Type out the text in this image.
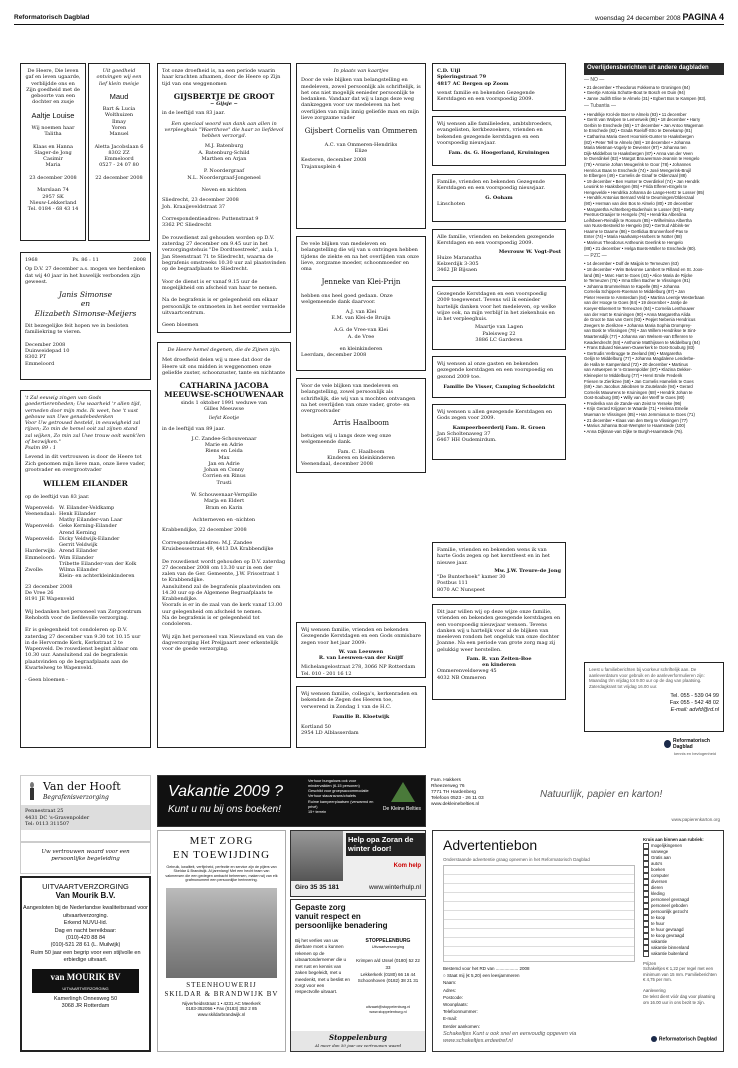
Reformatorisch Dagblad	woensdag 24 december 2008 PAGINA 4
De Heere, Die leven
gaf en leven ugaarde,
verblijdde ons en
Zijn goedheid met de
geboorte van een
dochter en zusje
Aaltje Louise
Wij noemen haar
Talitha

Klaas en Hanna
Slager-de Jong
Casimir
Maria

23 december 2008

Marslaan 74
2957 SK
Nieuw-Lekkerland
Tel. 0184 - 68 43 14
Uit goedheid ontvingen wij een lief klein meisje
Maud
Bart & Lucia
Wolthuizen
Ilmay
Yoren
Manuel

Aletta Jacobslaan 6
8302 ZZ Emmeloord
0527 - 24 07 80

22 december 2008
1968	Ps. 86 : 11	2008
Op D.V. 27 december a.s. mogen we herdenken dat wij 40 jaar in het huwelijk verbonden zijn geweest.
Janis Simonse
en
Elizabeth Simonse-Meijers
Dit bezegelijke feit hopen we in besloten familiekring te vieren.

December 2008
Duinweidepad 10
8302 PT
Emmeloord
't Zal eeuwig zingen van Gods goedertierenheden; Uw waarheid 'r allen tijd, verneden door mijn mds. Ik weet, hoe 't vast gebouw van Uwe genadebedenken
Voor Uw getrouwd besteld, in eeuwigheid zal rijzen; Zo min de hemel ooit zal zijnen stand zal wijken, Zo min zal Uwe trouw ooit wank'len of bezwijken."
Psalm 89 : 1
Levend in dit vertrouwen is door de Heere tot Zich genomen mijn lieve man, onze lieve vader, grootvader en overgrootvader
WILLEM EILANDER
op de leeftijd van 83 jaar.
Wapenveld: W. Eilander-Veldkamp
Veenendaal: Henk Eilander
Mathy Eilander-van Laar
Wapenveld: Geke Kerning-Eilander
Arend Kerning
Wapenveld: Dicky Veldwijk-Eilander
Gerrit Veldwijk
Harderwijk: Arend Eilander
Emmeloord: Wim Eilander
Tribette Eilander-van der Kolk
Zwolle:	Wilma Eilander
Klein- en achterkleinkinderen
23 december 2008
De Vree 26
8191 JE Wapenveld

Wij bedanken het personeel van Zorgcentrum Rehoboth voor de liefdevolle verzorging.

Er is gelegenheid tot condoleren op D.V. zaterdag 27 december van 9.30 tot 10.15 uur in de Hervormde Kerk, Kerkstraat 2 te Wapenveld. De rouwdienst begint aldaar om 10.30 uur. Aansluitend zal de begrafenis plaatsvinden op de begraafplaats aan de Kwartelweg te Wapenveld.

- Geen bloemen -
Tot onze droefheid is, na een periode waarin haar krachten afnamen, door de Heere op Zijn tijd van ons weggenomen
GIJSBERTJE DE GROOT
~ Gijsje ~
in de leeftijd van 83 jaar.
Een speciaal woord van dank aan allen in verpleeghuis "Waerthove" die haar zo liefdevol hebben verzorgd.
M.J. Batenburg
A. Batenburg-Schild
Marthen en Arjan

P. Noordergraaf
N.L. Noordergraaf-Jongeneel

Neven en nichten
Sliedrecht, 23 december 2008
Joh. Kraaijeveldstraat 37

Correspondentieadres: Puttenstraat 9
3362 PC Sliedrecht

De rouwdienst zal gehouden worden op D.V. zaterdag 27 december om 9.45 uur in het verzorgingstehuis "De Dordtsestreek", aula 1, Jan Steenstraat 71 te Sliedrecht, waarna de begrafenis omstreeks 10.30 uur zal plaatsvinden op de begraafplaats te Sliedrecht.

Voor de dienst is er vanaf 9.15 uur de mogelijkheid om afscheid van haar te nemen.

Na de begrafenis is er gelegenheid om elkaar persoonlijk te ontmoeten in het eerder vermelde uitvaartcentrum.

Geen bloemen
De Heere hemel degenen, die de Zijnen zijn.
Met droefheid delen wij u mee dat door de Heere uit ons midden is weggenomen onze geliefde zuster, schoonzuster, tante en nichtante
CATHARINA JACOBA
MEEUWSE-SCHOUWENAAR
sinds 1 oktober 1991 weduwe van
Gilles Meeuwse
liefst Kootje
in de leeftijd van 89 jaar.
J.C. Zandee-Schouwenaar
Marie en Adrie
Riens en Leida
Max
Jan en Adrie
Johan en Conny
Corrien en Rinus
Trusti

W. Schouwenaar-Vernpille
Marja en Eldert
Bram en Karin

Achterneven en -nichten
Krabbendijke, 22 december 2008

Correspondentieadres: M.J. Zandee
Kruisbessestraat 49, 4413 DA Krabbendijke

De rouwdienst wordt gehouden op D.V. zaterdag 27 december 2008 om 13.30 uur in een der zalen van de Ger. Gemeente, J.W. Frisostraat 1 te Krabbendijke.
Aansluitend zal de begrafenis plaatsvinden om 14.30 uur op de Algemene Begraafplaats te Krabbendijke.
Voorafs is er in de zaal van de kerk vanaf 13.00 uur gelegenheid om afscheid te nemen.
Na de begrafenis is er gelegenheid tot condoleren.

Wij zijn het personeel van Nieuwland en van de dagverzorging Het Preijpaart zeer erkentelijk voor de goede verzorging.
In plaats van kaartjes
Door de vele blijken van belangstelling en medeleven, zowel persoonlijk als schriftelijk, is het ons niet mogelijk eenieder persoonlijk te bedanken. Vandaar dat wij u langs deze weg dankzeggen voor uw medeleven na het overlijden van mijn innig geliefde man en mijn lieve zorgzame vader
Gijsbert Cornelis van Ommeren
A.C. van Ommeren-Hendriks
Elize
Kesteren, december 2008
Trajanusplein 4
De vele blijken van medeleven en belangstelling die wij van u ontvingen hebben tijdens de ziekte en na het overlijden van onze lieve, zorgzame moeder, schoonmoeder en oma
Jenneke van Klei-Prijn
hebben ons heel goed gedaan. Onze welgemeende dank daarvoor.
A.J. van Klei
E.M. van Klei-de Bruijn

A.G. de Vree-van Klei
A. de Vree

en kleinkinderen
Leerdam, december 2008
Voor de vele blijken van medeleven en belangstelling, zowel persoonlijk als schriftelijk, die wij van u mochten ontvangen na het overlijden van onze vader, grote- en overgrootvader
Arris Haalboom
betuigen wij u langs deze weg onze welgemeende dank.
Fam. C. Haalboom
Kinderen en kleinkinderen
Veenendaal, december 2008
Wij wensen familie, vrienden en bekenden Gezegende Kerstdagen en een Gods onmisbare zegen voor het jaar 2009:
W. van Leeuwen
R. van Leeuwen-van der Knijff
Michelangelostraat 278, 3066 NP Rotterdam
Tel. 010 - 201 16 12
Wij wensen familie, collega's, kerkenraden en bekenden de Zegen des Heeren toe, verwerend in Zondag 1 van de H.C.
Familie B. Kloetwijk
Kortland 50
2954 LD Alblasserdam
C.D. Uijl
Spieringstraat 79
4817 AC Bergen op Zoom
wenst familie en bekenden Gezegende Kerstdagen en een voorspoedig 2009.
Wij wensen alle familieleden, ambtsbroeders, evangelisten, kerkbezoekers, vrienden en bekenden gezegende kerstdagen en een voorspoedig nieuwjaar.
Fam. ds. G. Hoogerland, Kruiningen
Familie, vrienden en bekenden Gezegende Kerstdagen en een voorspoedig nieuwjaar.
G. Ooham
Linschoten
Alle familie, vrienden en bekenden gezegende Kerstdagen en een voorspoedig 2009.
Mevrouw W. Vogt-Post
Huize Maranatha
Kelzerdijk 3-305
3462 JB Bijsaen
Gezegende Kerstdagen en een voorspoedig 2009 toegewenst. Tevens wil ik eenieder hartelijk danken voor het medeleven, op welke wijze ook, na mijn verblijf in het ziekenhuis en in het verpleeghuis.
Maartje van Lagen
Paleisweg 22
3886 LC Garderen
Wij wensen al onze gasten en bekenden gezegende kerstdagen en een voorspoedig en gezond 2009 toe.
Familie De Visser, Camping Schoolzicht
Wij wensen u allen gezegende Kerstdagen en Gods zegen voor 2009.
Kampeerboerderij Fam. R. Groen
Jan Scholtenaweg 37
6467 HH Oudemirdum.
Familie, vrienden en bekenden wens ik van harte Gods zegen op het kerstfeest en in het nieuwe jaar.
Mw. J.W. Treure-de Jong
"De Bunterhoek" kamer 30
Postbus 111
8070 AC Nunspeet
Dit jaar willen wij op deze wijze onze familie, vrienden en bekenden gezegende kerstdagen en een voorspoedig nieuwjaar wensen. Tevens danken wij u hartelijk voor al de blijken van meeleven rondom het ongeluk van onze dochter Joanne. Na een periode van grote zorg mag zij gelukkig weer herstellen.
Fam. R. van Zeiten-Boe
en kinderen
Ommerenveldseweg 45
4032 NB Ommeren
Overlijdensberichten uit andere dagbladen
— NO —
• 21 december • Theodorus Fokkema te Groningen (84)
• Geertje Antonia Schutte-Bout te Bosch en Duin (94)
• Janne Judith Elise te Almelo (31) • Egbert Bos te Kampen (83).
— Tubantia —
• Hendrikje Krol-de Boer te Almelo (93) • 11 december
• Gerrit van Wolpen te Lemerweik (85) • 18 december • Harry
Gerbin te Enschede (65) • 17 december • Jan Antoo Wageman
te Enschede (82) • Grada Roeloff-Stro te Denekamp (81)
• Catharina Maria Geert Hoornink-Gunter te Haaksbergen
(82) • Peter Tell te Almelo (68) • 18 december • Johanna
Maria Mietman-Vogely te Deventer (97) • Johanna ten
Dijk-Middelbos te Haaksbergen (87) • Anna van der Veen
te Overdinkel (82) • Margot Brouwerman-Jeannin te Hengelo
(78) • Antonie Johan Meugerink te Goor (78) • Johannes
Henricus Baas te Enschede (74) • José Mengerink-Brujil
te Elbergen (49) • Cornelis de Graaf te Oldenzaal (88)
• 19 december • Ben Hunter te Overdinkel (74) • Jan Hendrik
Leusink te Haaksbergen (85) • Frida Elferen-Engels te
Hengevelde • Hendrika Johanna de Lange-Hertz te Losser (85)
• Hendrik Antonius Bernard Veld te Deurningen/Oldenzaal
(90) • Herman van den Bos te Almelo (80) • 20 december
• Margaretha Achterberg-Budenhuis te Losser (93) • Betty
Peetrus-Draaijer te Hengelo (76) • Hendrika Alberdina
Leifsbeen-Reindijk te Rossum (85) • Wilhelmina Albertha
van Nuss-Bestveld te Hengelo (82) • Gertrud Abbink-ter
Haarne te Daarne (86) • Gertlidua Brunnenfoerf-Pas te
Enter (74) • Maria Haarkamp-Harbers te Notter (88)
• Marinus Theodorus Antheunis Geerlink te Hengelo
(88) • 21 december • Helga Boets-Müller te Enschede (80).
— PZC —
• 14 december • Dolf de Maijpis te Terneuzen (63)
• 18 december • Wim Belvonne Lambert te Rilland en St. Joos-
land (85) • Marc Hart te Goes (43) • Alice Maria de Rijcke
te Terneuzen (76) • Irma Ellen Bacher te Vlissingen (91)
• Johanna Brummelman te Kapelle (85) • Johanna
Cornelia Schippers-Roeman te Middelburg (87) • Jan
Pieter Heeste te Amsterdam (64) • Martina Leentje Westerbaan
van der Hooge te Goes (84) • 19 december • Jantje de
Koeyer-Bloemert te Terneuzen (84) • Cornelia Lenthouwer
van der Hart te Kruiningen (90) • Anna Margaretha Alida
de Groot te Sas van Gent (93) • Pepjet Nebenia Hendricus
Zeegers te Zierikzee • Johanna Maria Sophia Dromprey-
van Bosk te Vlissingen (79) • Jan Willem Hendrikse te Sint-
Maartensdijk (77) • Johanna van Welsem-van Effenren te
Kwadendrecht (84) • Anthonie Matthijssen te Middelburg (84)
• Frans Eduard Nieuwen-Ouwerkerk te Oost-Souburg (83)
• Gertrudis Verbrugge te Zeeland (86) • Margaretha
Gelijn te Middelburg (77) • Johanna Magdalene Lenderbe-
de Halla te Kampenland (72) • 20 december • Martinus
van Antwerpen te 's-Gravenpolder (87) • Klazina Dekker-
Kleinepier te Middelburg (77) • Henri Emile Frederik
Friesen te Zierikzee (58) • Jan Cornelis Hamelink te Goes
(69) • Jan Jacobus Jakobsen te Zoutelande (94) • Gerard
Cornelis Mauwrens te Kruiningen (68) • Hendrik Johan te
Oost-Souburg (80) • Willy van der Werff te Goes (80)
• Frederika van de Zande-van Zeist te Yerseke (96)
• Krijn Gerard Krijgsen te Waarde (71) • Helena Emelie
Mueman te Vlissingen (85) • Han Jemmiosus te Goes (71)
• 21 december • Klaas van den Berg te Vlissingen (77)
• Marius Johanna Boot-Wempter te Haamstede (100)
• Anna Dijkman-van Dijke te Burgh-Haamstede (76).
Leest u familieberichten bij voorkeur schriftelijk aan. De aanleverdatum voor gebruik en de aanleverformulieren zijn: Maandag t/m vrijdag tot 9.00 uur op de dag van plaatsing. Zaterdagkrant tot vrijdag 16.00 uur.
Tel. 055 - 539 04 99
Fax 055 - 542 48 02
E-mail: advfd@rd.nl
Reformatorisch Dagblad
kennis en bevlogenheid
Van der Hooft
Begrafenisverzorging
Pennestraat 25
4431 DC 's-Gravenpolder
Tel: 0113 311507
Uw vertrouwen waard voor een persoonlijke begeleiding
Vakantie 2009 ?
Kunt u nu bij ons boeken!
Verhuur bungalows ook voor
mindervaliden (6-15 personen)
Geschikt voor groepsaccommodatie
Verhuur stacaravans/chalets
Ruime kampeerplaatsen (verwarmd en privé)
15+ terrein	De Kleine Belties
Fam. Hakkers
Rheezerweg 76
7771 TH Hardenberg
Telefoon 0523 - 26 11 03
www.dekleinebelties.nl
Natuurlijk, papier en karton!
www.papierenkarton.org
UITVAARTVERZORGING
Van Mourik B.V.
Aangesloten bij de Nederlandse kwaliteitsraad voor uitvaartverzorging.
Erkend NUVU-lid.
Dag en nacht bereikbaar:
(010)-420 88 84
(010)-521 28 61 (L. Muilwijk)
Ruim 50 jaar een begrip voor een stijlvolle en erbiedige uitvaart.
van MOURIK BV
UITVAARTVERZORGING
Kamerlingh Onnesweg 50
3068 JR Rotterdam
MET ZORG
EN TOEWIJDING
Gebruik, kwaliteit, verfijnheid, perfectie en service zijn de pijlers van Skeldar & Brandwijk. Al jarenlang! Met een hecht team van vakmensen die een gedegen ambacht beheersen, maken wij van elk grafmonument een persoonlijke herinnering.
STEENHOUWERIJ
SKILDAR & BRANDWIJK BV
Nijverheidsstraat 1 • 4231 AC Meerkerk
0183-352056 • Fax (0183) 352 2 85
www.skildarbrandwijk.nl
Help opa Zoran de
winter door!
Kom help
Giro 35 35 181	www.winterhulp.nl
Gepaste zorg
vanuit respect en
persoonlijke benadering
Bij het verlies van uw dierbare moet u kunnen rekenen op de uitvaartondernemer die u met rust en kennis van zaken begeleidt, met u meedenkt, met u beslist en zorgt voor een respectvolle uitvaart.
STOPPELENBURG
Uitvaartverzorging
Krimpen a/d IJssel (0180) 52 22 33
Lekkerkerk (0180) 66 16 44
Schoonhoven (0182) 38 21 31
uitvaart@stoppelenburg.nl www.stoppelenburg.nl
Stoppelenburg
Al meer dan 50 jaar uw vertrouwen waard
Advertentiebon
Onderstaande advertentie graag opnemen in het Reformatorisch Dagblad
Bestemd voor het RD van .................. 2008
○ Staat mij (€ 5,20) een leesjammeren
Naam:
Adres:
Postcode:
Woonplaats:
Telefoonnummer:
E-mail:
Eerder aankomen:
Kruis aan binnen aan rubriek:
mogelijkingenen
vanwege
Gratis aan
auto's
boeken
computer
diversen
dieren
kleding
personeel gevraagd
personeel geboden
persoonlijk gezocht
te koop
te huur
te huur gevraagd
te koop gevraagd
vakantie
vakantie binnenland
vakantie buitenland
Prijzen
Schakeltjes € 1,22 per regel met een minimum van 15 mm. Familieberichten € 4,75 per mm.

Aanlevering
De tekst dient vóór dag voor plaatsing om 16.00 uur in ons bezit te zijn.
Schakeltjes Kunt u ook snel en eenvoudig opgeven via www.schakeltjes.erdeetref.nl	Reformatorisch Dagblad
